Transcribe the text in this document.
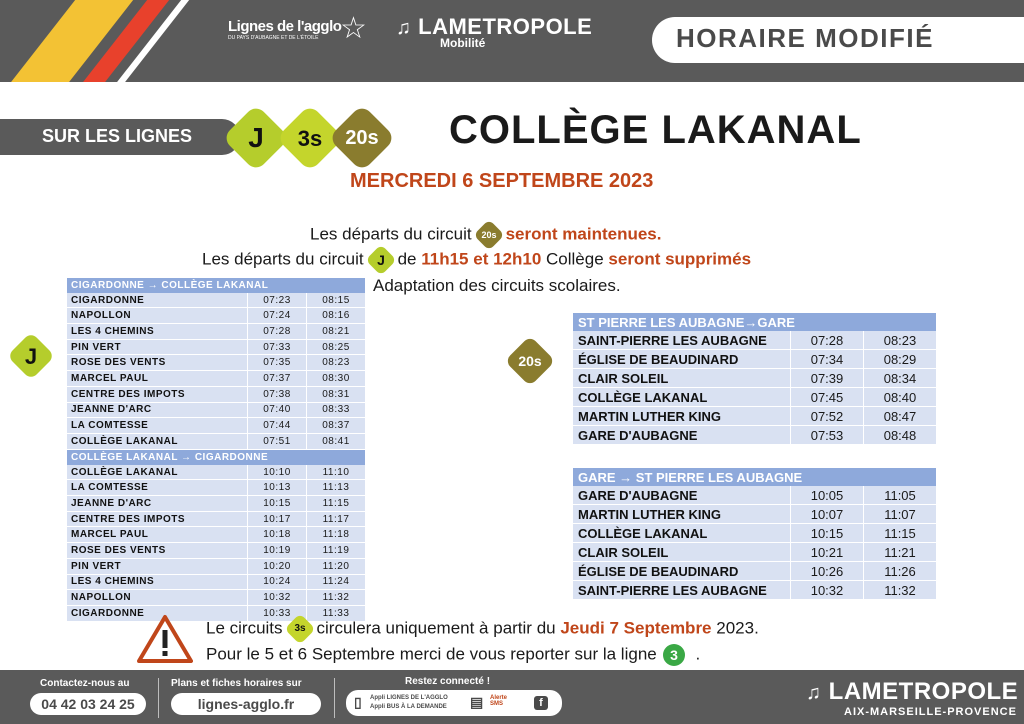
Lignes de l'agglo
DU PAYS D'AUBAGNE ET DE L'ÉTOILE ☆ ♫ LAMETROPOLE
Mobilité	HORAIRE MODIFIÉ
SUR LES LIGNES	J	3s	20s COLLÈGE LAKANAL
MERCREDI 6 SEPTEMBRE 2023
Les départs du circuit	20s seront maintenues.
Les départs du circuit J de 11h15 et 12h10 Collège seront supprimés
Adaptation des circuits scolaires.
J	20s
CIGARDONNE → COLLÈGE LAKANAL		
CIGARDONNE	07:23	08:15
NAPOLLON	07:24	08:16
LES 4 CHEMINS	07:28	08:21
PIN VERT	07:33	08:25
ROSE DES VENTS	07:35	08:23
MARCEL PAUL	07:37	08:30
CENTRE DES IMPOTS	07:38	08:31
JEANNE D'ARC	07:40	08:33
LA COMTESSE	07:44	08:37
COLLÈGE LAKANAL	07:51	08:41
COLLÈGE LAKANAL → CIGARDONNE		
COLLÈGE LAKANAL	10:10	11:10
LA COMTESSE	10:13	11:13
JEANNE D'ARC	10:15	11:15
CENTRE DES IMPOTS	10:17	11:17
MARCEL PAUL	10:18	11:18
ROSE DES VENTS	10:19	11:19
PIN VERT	10:20	11:20
LES 4 CHEMINS	10:24	11:24
NAPOLLON	10:32	11:32
CIGARDONNE	10:33	11:33
ST PIERRE LES AUBAGNE→GARE		
SAINT-PIERRE LES AUBAGNE	07:28	08:23
ÉGLISE DE BEAUDINARD	07:34	08:29
CLAIR SOLEIL	07:39	08:34
COLLÈGE LAKANAL	07:45	08:40
MARTIN LUTHER KING	07:52	08:47
GARE D'AUBAGNE	07:53	08:48
GARE → ST PIERRE LES AUBAGNE		
GARE D'AUBAGNE	10:05	11:05
MARTIN LUTHER KING	10:07	11:07
COLLÈGE LAKANAL	10:15	11:15
CLAIR SOLEIL	10:21	11:21
ÉGLISE DE BEAUDINARD	10:26	11:26
SAINT-PIERRE LES AUBAGNE	10:32	11:32
Le circuits	3s circulera uniquement à partir du Jeudi 7 Septembre 2023.
Pour le 5 et 6 Septembre merci de vous reporter sur la ligne 3	.
Contactez-nous au
04 42 03 24 25
Plans et fiches horaires sur
lignes-agglo.fr
Restez connecté !
▯ Appli LIGNES DE L'AGGLO
Appli BUS À LA DEMANDE ▤ Alerte
SMS	f	♫ LAMETROPOLE
AIX-MARSEILLE-PROVENCE
